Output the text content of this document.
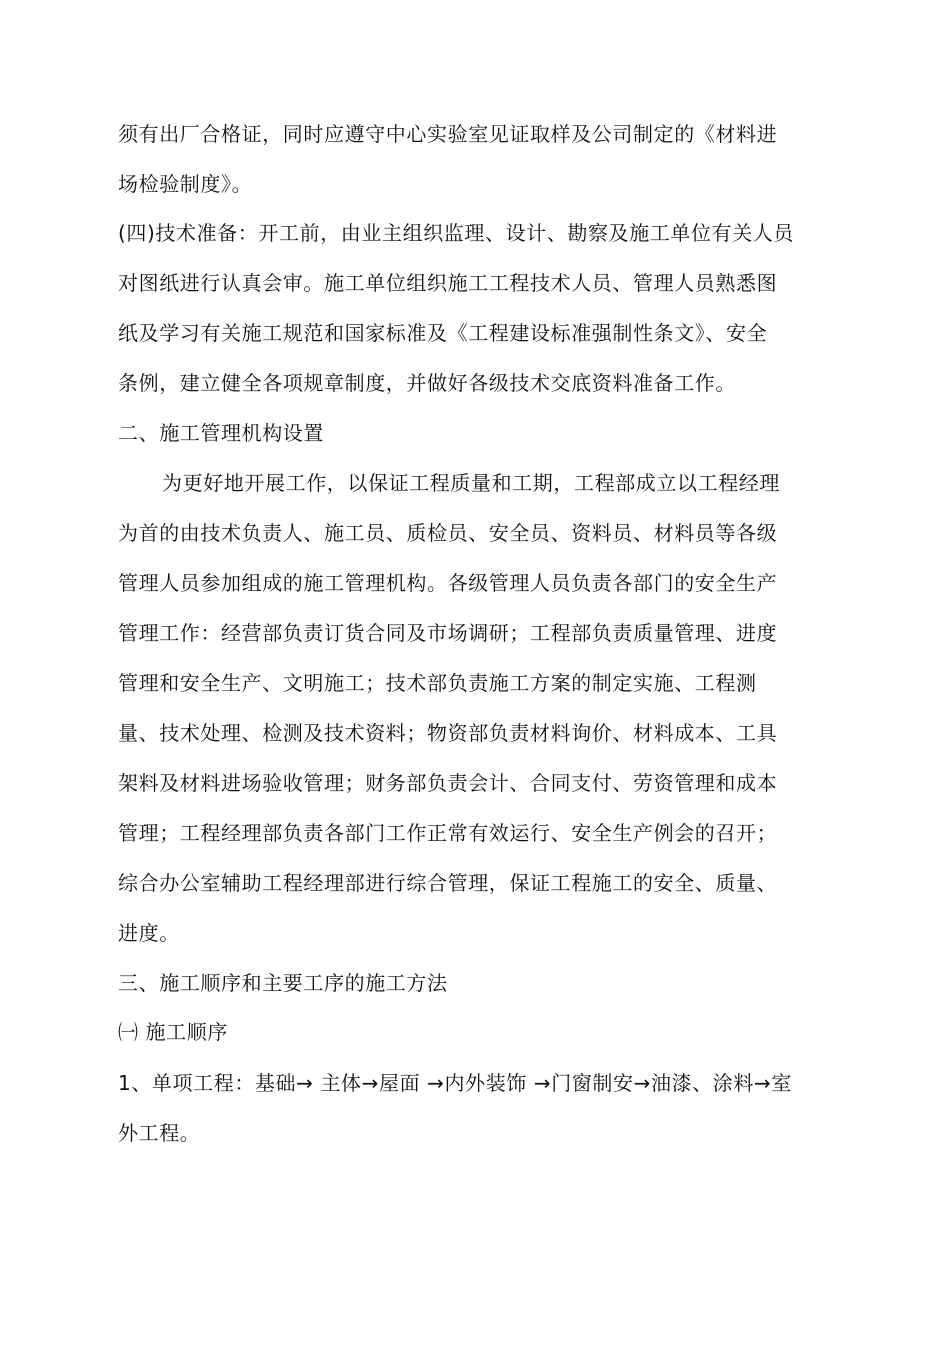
须有出厂合格证，同时应遵守中心实验室见证取样及公司制定的《材料进
场检验制度》。
(四)技术准备：开工前，由业主组织监理、设计、勘察及施工单位有关人员
对图纸进行认真会审。施工单位组织施工工程技术人员、管理人员熟悉图
纸及学习有关施工规范和国家标准及《工程建设标准强制性条文》、安全
条例，建立健全各项规章制度，并做好各级技术交底资料准备工作。
二、施工管理机构设置
为更好地开展工作，以保证工程质量和工期，工程部成立以工程经理
为首的由技术负责人、施工员、质检员、安全员、资料员、材料员等各级
管理人员参加组成的施工管理机构。各级管理人员负责各部门的安全生产
管理工作：经营部负责订货合同及市场调研；工程部负责质量管理、进度
管理和安全生产、文明施工；技术部负责施工方案的制定实施、工程测
量、技术处理、检测及技术资料；物资部负责材料询价、材料成本、工具
架料及材料进场验收管理；财务部负责会计、合同支付、劳资管理和成本
管理；工程经理部负责各部门工作正常有效运行、安全生产例会的召开；
综合办公室辅助工程经理部进行综合管理，保证工程施工的安全、质量、
进度。
三、施工顺序和主要工序的施工方法
㈠ 施工顺序
1、单项工程：基础→ 主体→屋面 →内外装饰 →门窗制安→油漆、涂料→室
外工程。
